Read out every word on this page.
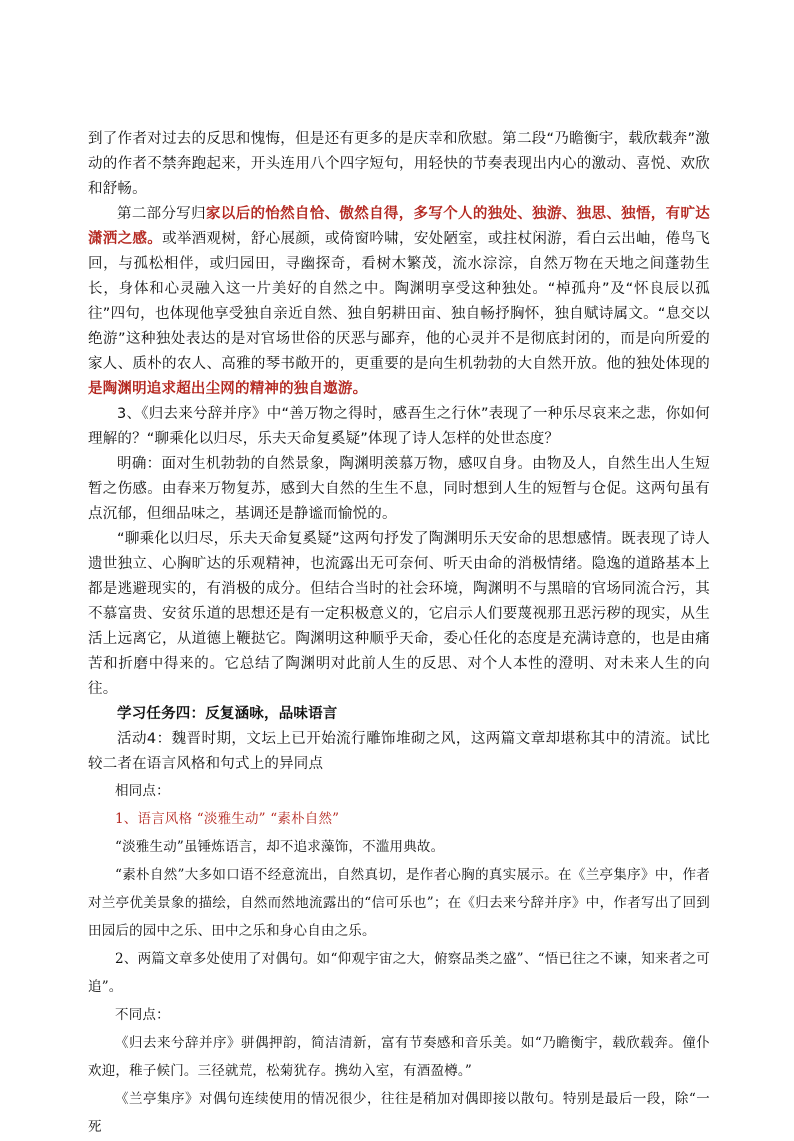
到了作者对过去的反思和愧悔，但是还有更多的是庆幸和欣慰。第二段“乃瞻衡宇，载欣载奔”激动的作者不禁奔跑起来，开头连用八个四字短句，用轻快的节奏表现出内心的激动、喜悦、欢欣和舒畅。

第二部分写归家以后的怡然自恰、傲然自得，多写个人的独处、独游、独思、独悟，有旷达潇洒之感。或举酒观树，舒心展颜，或倚窗吟啸，安处陋室，或拄杖闲游，看白云出岫，倦鸟飞回，与孤松相伴，或归园田，寻幽探奇，看树木繁茂，流水淙淙，自然万物在天地之间蓬勃生长，身体和心灵融入这一片美好的自然之中。陶渊明享受这种独处。“棹孤舟”及“怀良辰以孤往”四句，也体现他享受独自亲近自然、独自躬耕田亩、独自畅抒胸怀，独自赋诗属文。“息交以绝游”这种独处表达的是对官场世俗的厌恶与鄙弃，他的心灵并不是彻底封闭的，而是向所爱的家人、质朴的农人、高雅的琴书敞开的，更重要的是向生机勃勃的大自然开放。他的独处体现的是陶渊明追求超出尘网的精神的独自遨游。

3、《归去来兮辞并序》中“善万物之得时，感吾生之行休”表现了一种乐尽哀来之悲，你如何理解的？“聊乘化以归尽，乐夫天命复奚疑”体现了诗人怎样的处世态度？

明确：面对生机勃勃的自然景象，陶渊明羡慕万物，感叹自身。由物及人，自然生出人生短暂之伤感。由春来万物复苏，感到大自然的生生不息，同时想到人生的短暂与仓促。这两句虽有点沉郁，但细品味之，基调还是静谧而愉悦的。

“聊乘化以归尽，乐夫天命复奚疑”这两句抒发了陶渊明乐天安命的思想感情。既表现了诗人遗世独立、心胸旷达的乐观精神，也流露出无可奈何、听天由命的消极情绪。隐逸的道路基本上都是逃避现实的，有消极的成分。但结合当时的社会环境，陶渊明不与黑暗的官场同流合污，其不慕富贵、安贫乐道的思想还是有一定积极意义的，它启示人们要蔑视那丑恶污秽的现实，从生活上远离它，从道德上鞭挞它。陶渊明这种顺乎天命，委心任化的态度是充满诗意的，也是由痛苦和折磨中得来的。它总结了陶渊明对此前人生的反思、对个人本性的澄明、对未来人生的向往。

学习任务四：反复涵咏，品味语言

活动4：魏晋时期，文坛上已开始流行雕饰堆砌之风，这两篇文章却堪称其中的清流。试比较二者在语言风格和句式上的异同点

相同点：

1、语言风格 “淡雅生动” “素朴自然”

“淡雅生动”虽锤炼语言，却不追求藻饰，不滥用典故。

“素朴自然”大多如口语不经意流出，自然真切，是作者心胸的真实展示。在《兰亭集序》中，作者对兰亭优美景象的描绘，自然而然地流露出的“信可乐也”；在《归去来兮辞并序》中，作者写出了回到田园后的园中之乐、田中之乐和身心自由之乐。

2、两篇文章多处使用了对偶句。如“仰观宇宙之大，俯察品类之盛”、“悟已往之不谏，知来者之可追”。

不同点：

《归去来兮辞并序》骈偶押韵，简洁清新，富有节奏感和音乐美。如“乃瞻衡宇，载欣载奔。僮仆欢迎，稚子候门。三径就荒，松菊犹存。携幼入室，有酒盈樽。”

《兰亭集序》对偶句连续使用的情况很少，往往是稍加对偶即接以散句。特别是最后一段，除“一死
